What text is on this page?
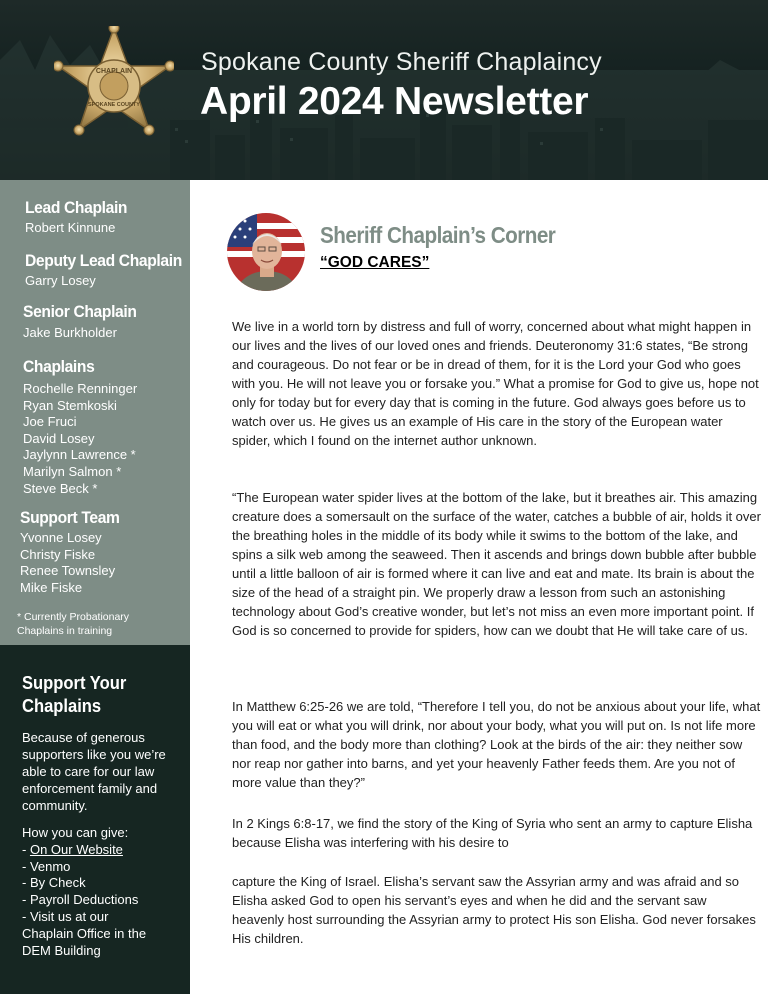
CHAPLAIN
SPOKANE COUNTY
Spokane County Sheriff Chaplaincy
April 2024 Newsletter
Lead Chaplain
Robert Kinnune
Deputy Lead Chaplain
Garry Losey
Senior Chaplain
Jake Burkholder
Chaplains
Rochelle Renninger
Ryan Stemkoski
Joe Fruci
David Losey
Jaylynn Lawrence *
Marilyn Salmon *
Steve Beck *
Support Team
Yvonne Losey
Christy Fiske
Renee Townsley
Mike Fiske
* Currently Probationary
Chaplains in training
Support Your
Chaplains
Because of generous supporters like you we’re able to care for our law enforcement family and community.
How you can give:
- On Our Website
- Venmo
- By Check
- Payroll Deductions
- Visit us at our
Chaplain Office in the
DEM Building
Sheriff Chaplain’s Corner
“GOD CARES”
We live in a world torn by distress and full of worry, concerned about what might happen in our lives and the lives of our loved ones and friends. Deuteronomy 31:6 states, “Be strong and courageous. Do not fear or be in dread of them, for it is the Lord your God who goes with you. He will not leave you or forsake you.” What a promise for God to give us, hope not only for today but for every day that is coming in the future. God always goes before us to watch over us. He gives us an example of His care in the story of the European water spider, which I found on the internet author unknown.
“The European water spider lives at the bottom of the lake, but it breathes air. This amazing creature does a somersault on the surface of the water, catches a bubble of air, holds it over the breathing holes in the middle of its body while it swims to the bottom of the lake, and spins a silk web among the seaweed. Then it ascends and brings down bubble after bubble until a little balloon of air is formed where it can live and eat and mate. Its brain is about the size of the head of a straight pin. We properly draw a lesson from such an astonishing technology about God’s creative wonder, but let’s not miss an even more important point. If God is so concerned to provide for spiders, how can we doubt that He will take care of us.
In Matthew 6:25-26 we are told, “Therefore I tell you, do not be anxious about your life, what you will eat or what you will drink, nor about your body, what you will put on. Is not life more than food, and the body more than clothing? Look at the birds of the air: they neither sow nor reap nor gather into barns, and yet your heavenly Father feeds them. Are you not of more value than they?”
In 2 Kings 6:8-17, we find the story of the King of Syria who sent an army to capture Elisha because Elisha was interfering with his desire to
capture the King of Israel. Elisha’s servant saw the Assyrian army and was afraid and so Elisha asked God to open his servant’s eyes and when he did and the servant saw heavenly host surrounding the Assyrian army to protect His son Elisha. God never forsakes His children.
